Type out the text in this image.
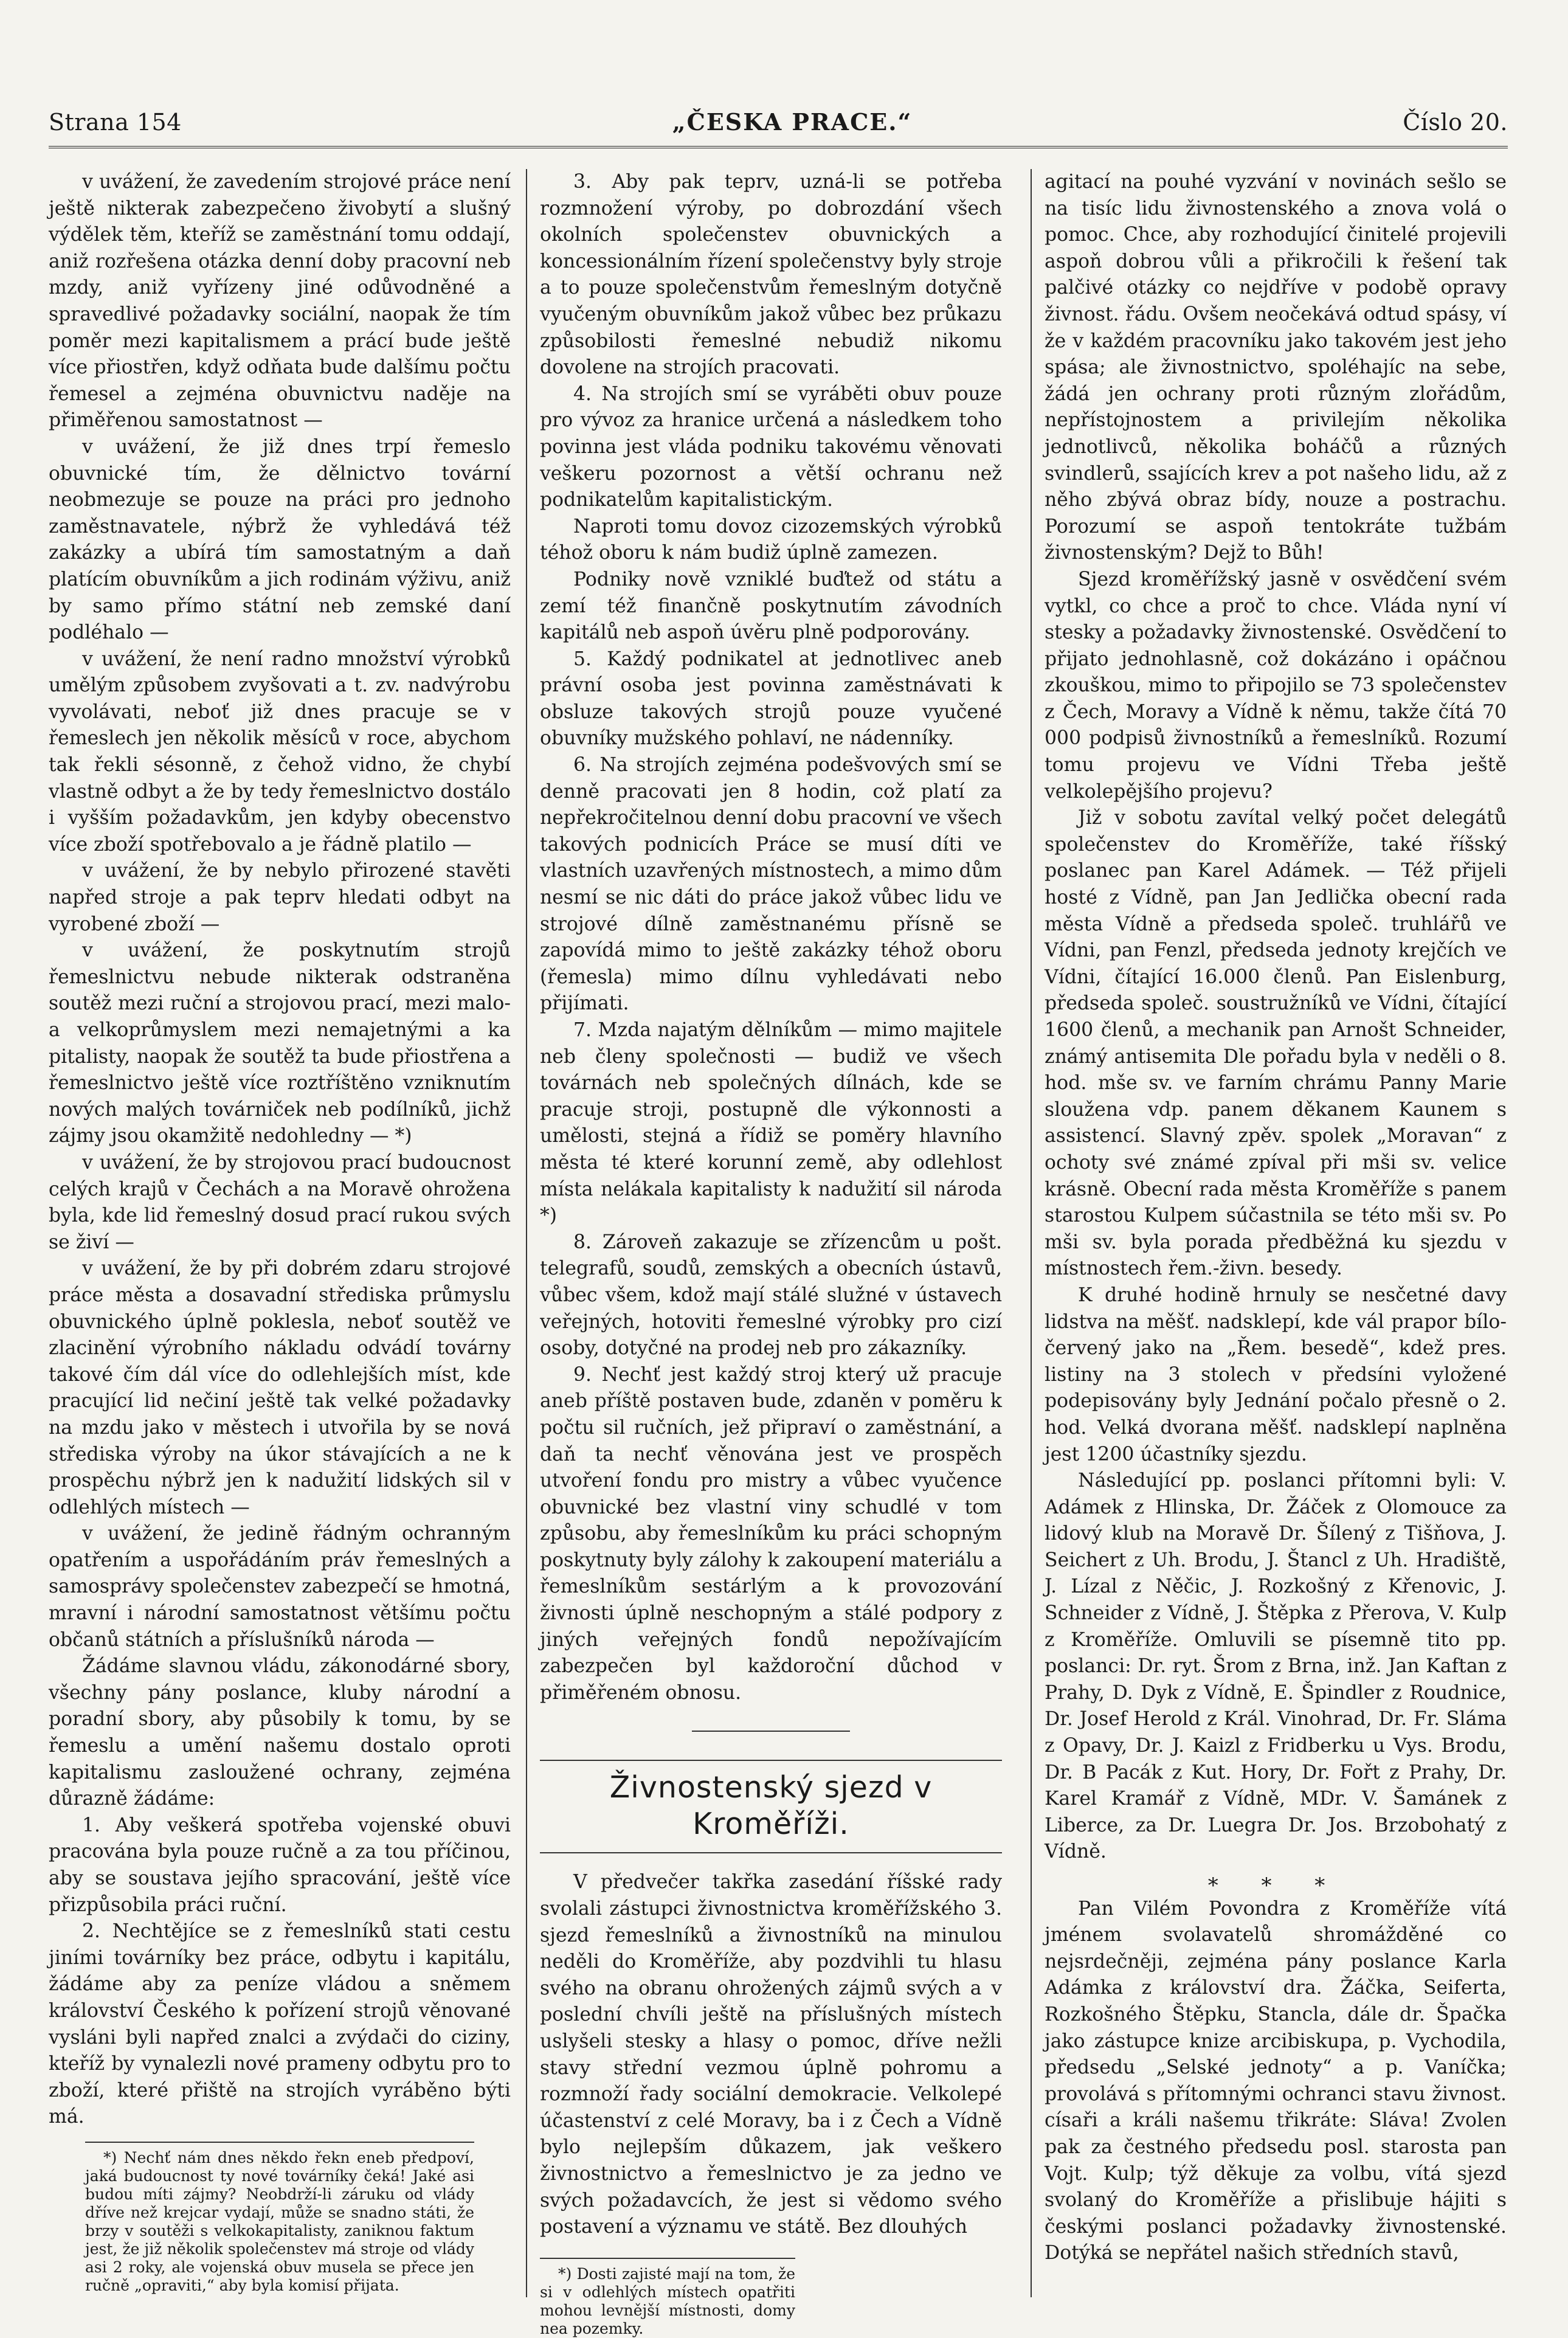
Strana 154	„ČESKA PRACE.“	Číslo 20.

v uvážení, že zavedením strojové práce není ještě nikterak zabezpečeno živobytí a slušný výdělek těm, kteříž se zaměstnání tomu oddají, aniž rozřešena otázka denní doby pracovní neb mzdy, aniž vyřízeny jiné odůvodněné a spravedlivé požadavky sociální, naopak že tím poměr mezi kapitalismem a prácí bude ještě více přiostřen, když odňata bude dalšímu počtu řemesel a zejména obuvnictvu naděje na přiměřenou samostatnost —

v uvážení, že již dnes trpí řemeslo obuvnické tím, že dělnictvo tovární neobmezuje se pouze na práci pro jednoho zaměstnavatele, nýbrž že vyhledává též zakázky a ubírá tím samostatným a daň platícím obuvníkům a jich rodinám výživu, aniž by samo přímo státní neb zemské daní podléhalo —

v uvážení, že není radno množství výrobků umělým způsobem zvyšovati a t. zv. nadvýrobu vyvolávati, neboť již dnes pracuje se v řemeslech jen několik měsíců v roce, abychom tak řekli sésonně, z čehož vidno, že chybí vlastně odbyt a že by tedy řemeslnictvo dostálo i vyšším požadavkům, jen kdyby obecenstvo více zboží spotřebovalo a je řádně platilo —

v uvážení, že by nebylo přirozené stavěti napřed stroje a pak teprv hledati odbyt na vyrobené zboží —

v uvážení, že poskytnutím strojů řemeslnictvu nebude nikterak odstraněna soutěž mezi ruční a strojovou prací, mezi malo- a velkoprůmyslem mezi nemajetnými a ka pitalisty, naopak že soutěž ta bude přiostřena a řemeslnictvo ještě více roztříštěno vzniknutím nových malých továrniček neb podílníků, jichž zájmy jsou okamžitě nedohledny — *)

v uvážení, že by strojovou prací budoucnost celých krajů v Čechách a na Moravě ohrožena byla, kde lid řemeslný dosud prací rukou svých se živí —

v uvážení, že by při dobrém zdaru strojové práce města a dosavadní střediska průmyslu obuvnického úplně poklesla, neboť soutěž ve zlacinění výrobního nákladu odvádí továrny takové čím dál více do odlehlejších míst, kde pracující lid nečiní ještě tak velké požadavky na mzdu jako v městech i utvořila by se nová střediska výroby na úkor stávajících a ne k prospěchu nýbrž jen k nadužití lidských sil v odlehlých místech —

v uvážení, že jedině řádným ochranným opatřením a uspořádáním práv řemeslných a samosprávy společenstev zabezpečí se hmotná, mravní i národní samostatnost většímu počtu občanů státních a příslušníků národa —

Žádáme slavnou vládu, zákonodárné sbory, všechny pány poslance, kluby národní a poradní sbory, aby působily k tomu, by se řemeslu a umění našemu dostalo oproti kapitalismu zasloužené ochrany, zejména důrazně žádáme:

1. Aby veškerá spotřeba vojenské obuvi pracována byla pouze ručně a za tou příčinou, aby se soustava jejího spracování, ještě více přizpůsobila práci ruční.

2. Nechtějíce se z řemeslníků stati cestu jiními továrníky bez práce, odbytu i kapitálu, žádáme aby za peníze vládou a sněmem království Českého k pořízení strojů věnované vysláni byli napřed znalci a zvýdači do ciziny, kteříž by vynalezli nové prameny odbytu pro to zboží, které přiště na strojích vyráběno býti má.

*) Nechť nám dnes někdo řekn eneb předpoví, jaká budoucnost ty nové továrníky čeká! Jaké asi budou míti zájmy? Neobdrží-li záruku od vlády dříve než krejcar vydají, může se snadno státi, že brzy v soutěži s velkokapitalisty, zaniknou faktum jest, že již několik společenstev má stroje od vlády asi 2 roky, ale vojenská obuv musela se přece jen ručně „opraviti,“ aby byla komisí přijata.

3. Aby pak teprv, uzná-li se potřeba rozmnožení výroby, po dobrozdání všech okolních společenstev obuvnických a koncessionálním řízení společenstvy byly stroje a to pouze společenstvům řemeslným dotyčně vyučeným obuvníkům jakož vůbec bez průkazu způsobilosti řemeslné nebudiž nikomu dovolene na strojích pracovati.

4. Na strojích smí se vyráběti obuv pouze pro vývoz za hranice určená a následkem toho povinna jest vláda podniku takovému věnovati veškeru pozornost a větší ochranu než podnikatelům kapitalistickým.

Naproti tomu dovoz cizozemských výrobků téhož oboru k nám budiž úplně zamezen.

Podniky nově vzniklé buďtež od státu a zemí též finančně poskytnutím závodních kapitálů neb aspoň úvěru plně podporovány.

5. Každý podnikatel at jednotlivec aneb právní osoba jest povinna zaměstnávati k obsluze takových strojů pouze vyučené obuvníky mužského pohlaví, ne nádenníky.

6. Na strojích zejména podešvových smí se denně pracovati jen 8 hodin, což platí za nepřekročitelnou denní dobu pracovní ve všech takových podnicích Práce se musí díti ve vlastních uzavřených místnostech, a mimo dům nesmí se nic dáti do práce jakož vůbec lidu ve strojové dílně zaměstnanému přísně se zapovídá mimo to ještě zakázky téhož oboru (řemesla) mimo dílnu vyhledávati nebo přijímati.

7. Mzda najatým dělníkům — mimo majitele neb členy společnosti — budiž ve všech továrnách neb společných dílnách, kde se pracuje stroji, postupně dle výkonnosti a umělosti, stejná a řídiž se poměry hlavního města té které korunní země, aby odlehlost místa nelákala kapitalisty k nadužití sil národa *)

8. Zároveň zakazuje se zřízencům u pošt. telegrafů, soudů, zemských a obecních ústavů, vůbec všem, kdož mají stálé služné v ústavech veřejných, hotoviti řemeslné výrobky pro cizí osoby, dotyčné na prodej neb pro zákazníky.

9. Nechť jest každý stroj který už pracuje aneb příště postaven bude, zdaněn v poměru k počtu sil ručních, jež připraví o zaměstnání, a daň ta nechť věnována jest ve prospěch utvoření fondu pro mistry a vůbec vyučence obuvnické bez vlastní viny schudlé v tom způsobu, aby řemeslníkům ku práci schopným poskytnuty byly zálohy k zakoupení materiálu a řemeslníkům sestárlým a k provozování živnosti úplně neschopným a stálé podpory z jiných veřejných fondů nepožívajícím zabezpečen byl každoroční důchod v přiměřeném obnosu.

Živnostenský sjezd v Kroměříži.

V předvečer takřka zasedání říšské rady svolali zástupci živnostnictva kroměřížského 3. sjezd řemeslníků a živnostníků na minulou neděli do Kroměříže, aby pozdvihli tu hlasu svého na obranu ohrožených zájmů svých a v poslední chvíli ještě na příslušných místech uslyšeli stesky a hlasy o pomoc, dříve nežli stavy střední vezmou úplně pohromu a rozmnoží řady sociální demokracie. Velkolepé účastenství z celé Moravy, ba i z Čech a Vídně bylo nejlepším důkazem, jak veškero živnostnictvo a řemeslnictvo je za jedno ve svých požadavcích, že jest si vědomo svého postavení a významu ve státě. Bez dlouhých

*) Dosti zajisté mají na tom, že si v odlehlých místech opatřiti mohou levnější místnosti, domy nea pozemky.

agitací na pouhé vyzvání v novinách sešlo se na tisíc lidu živnostenského a znova volá o pomoc. Chce, aby rozhodující činitelé projevili aspoň dobrou vůli a přikročili k řešení tak palčivé otázky co nejdříve v podobě opravy živnost. řádu. Ovšem neočekává odtud spásy, ví že v každém pracovníku jako takovém jest jeho spása; ale živnostnictvo, spoléhajíc na sebe, žádá jen ochrany proti různým zlořádům, nepřístojnostem a privilejím několika jednotlivců, několika boháčů a různých svindlerů, ssajících krev a pot našeho lidu, až z něho zbývá obraz bídy, nouze a postrachu. Porozumí se aspoň tentokráte tužbám živnostenským? Dejž to Bůh!

Sjezd kroměřížský jasně v osvědčení svém vytkl, co chce a proč to chce. Vláda nyní ví stesky a požadavky živnostenské. Osvědčení to přijato jednohlasně, což dokázáno i opáčnou zkouškou, mimo to připojilo se 73 společenstev z Čech, Moravy a Vídně k němu, takže čítá 70 000 podpisů živnostníků a řemeslníků. Rozumí tomu projevu ve Vídni Třeba ještě velkolepějšího projevu?

Již v sobotu zavítal velký počet delegátů společenstev do Kroměříže, také říšský poslanec pan Karel Adámek. — Též přijeli hosté z Vídně, pan Jan Jedlička obecní rada města Vídně a předseda společ. truhlářů ve Vídni, pan Fenzl, předseda jednoty krejčích ve Vídni, čítající 16.000 členů. Pan Eislenburg, předseda společ. soustružníků ve Vídni, čítající 1600 členů, a mechanik pan Arnošt Schneider, známý antisemita Dle pořadu byla v neděli o 8. hod. mše sv. ve farním chrámu Panny Marie sloužena vdp. panem děkanem Kaunem s assistencí. Slavný zpěv. spolek „Moravan“ z ochoty své známé zpíval při mši sv. velice krásně. Obecní rada města Kroměříže s panem starostou Kulpem súčastnila se této mši sv. Po mši sv. byla porada předběžná ku sjezdu v místnostech řem.-živn. besedy.

K druhé hodině hrnuly se nesčetné davy lidstva na měšť. nadsklepí, kde vál prapor bílo-červený jako na „Řem. besedě“, kdež pres. listiny na 3 stolech v předsíni vyložené podepisovány byly Jednání počalo přesně o 2. hod. Velká dvorana měšť. nadsklepí naplněna jest 1200 účastníky sjezdu.

Následující pp. poslanci přítomni byli: V. Adámek z Hlinska, Dr. Žáček z Olomouce za lidový klub na Moravě Dr. Šílený z Tišňova, J. Seichert z Uh. Brodu, J. Štancl z Uh. Hradiště, J. Lízal z Něčic, J. Rozkošný z Křenovic, J. Schneider z Vídně, J. Štěpka z Přerova, V. Kulp z Kroměříže. Omluvili se písemně tito pp. poslanci: Dr. ryt. Šrom z Brna, inž. Jan Kaftan z Prahy, D. Dyk z Vídně, E. Špindler z Roudnice, Dr. Josef Herold z Král. Vinohrad, Dr. Fr. Sláma z Opavy, Dr. J. Kaizl z Fridberku u Vys. Brodu, Dr. B Pacák z Kut. Hory, Dr. Fořt z Prahy, Dr. Karel Kramář z Vídně, MDr. V. Šamánek z Liberce, za Dr. Luegra Dr. Jos. Brzobohatý z Vídně.

* * *

Pan Vilém Povondra z Kroměříže vítá jménem svolavatelů shromážděné co nejsrdečněji, zejména pány poslance Karla Adámka z království dra. Žáčka, Seiferta, Rozkošného Štěpku, Stancla, dále dr. Špačka jako zástupce knize arcibiskupa, p. Vychodila, předsedu „Selské jednoty“ a p. Vaníčka; provolává s přítomnými ochranci stavu živnost. císaři a králi našemu třikráte: Sláva! Zvolen pak za čestného předsedu posl. starosta pan Vojt. Kulp; týž děkuje za volbu, vítá sjezd svolaný do Kroměříže a přislibuje hájiti s českými poslanci požadavky živnostenské. Dotýká se nepřátel našich středních stavů,
